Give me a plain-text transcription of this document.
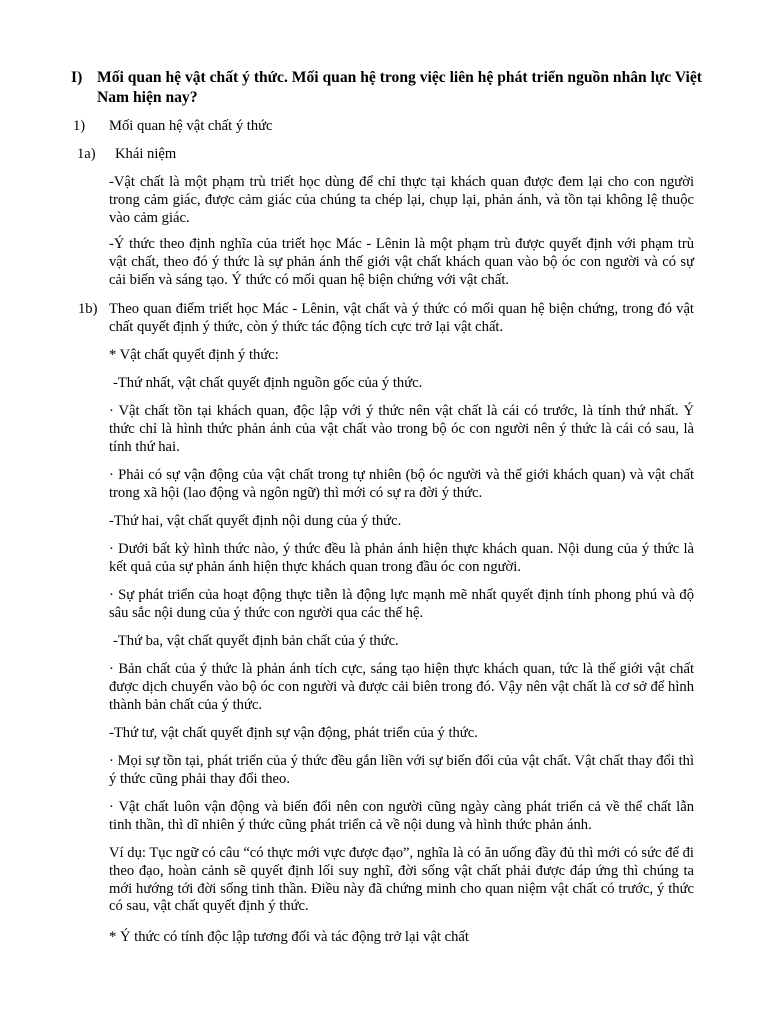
I) Mối quan hệ vật chất ý thức. Mối quan hệ trong việc liên hệ phát triển nguồn nhân lực Việt Nam hiện nay?
1) Mối quan hệ vật chất ý thức
1a) Khái niệm
-Vật chất là một phạm trù triết học dùng để chỉ thực tại khách quan được đem lại cho con người trong cảm giác, được cảm giác của chúng ta chép lại, chụp lại, phản ánh, và tồn tại không lệ thuộc vào cảm giác.
-Ý thức theo định nghĩa của triết học Mác - Lênin là một phạm trù được quyết định với phạm trù vật chất, theo đó ý thức là sự phản ánh thế giới vật chất khách quan vào bộ óc con người và có sự cải biến và sáng tạo. Ý thức có mối quan hệ biện chứng với vật chất.
1b) Theo quan điểm triết học Mác - Lênin, vật chất và ý thức có mối quan hệ biện chứng, trong đó vật chất quyết định ý thức, còn ý thức tác động tích cực trở lại vật chất.
* Vật chất quyết định ý thức:
-Thứ nhất, vật chất quyết định nguồn gốc của ý thức.
· Vật chất tồn tại khách quan, độc lập với ý thức nên vật chất là cái có trước, là tính thứ nhất. Ý thức chỉ là hình thức phản ánh của vật chất vào trong bộ óc con người nên ý thức là cái có sau, là tính thứ hai.
· Phải có sự vận động của vật chất trong tự nhiên (bộ óc người và thế giới khách quan) và vật chất trong xã hội (lao động và ngôn ngữ) thì mới có sự ra đời ý thức.
-Thứ hai, vật chất quyết định nội dung của ý thức.
· Dưới bất kỳ hình thức nào, ý thức đều là phản ánh hiện thực khách quan. Nội dung của ý thức là kết quả của sự phản ánh hiện thực khách quan trong đầu óc con người.
· Sự phát triển của hoạt động thực tiễn là động lực mạnh mẽ nhất quyết định tính phong phú và độ sâu sắc nội dung của ý thức con người qua các thế hệ.
-Thứ ba, vật chất quyết định bản chất của ý thức.
· Bản chất của ý thức là phản ánh tích cực, sáng tạo hiện thực khách quan, tức là thế giới vật chất được dịch chuyển vào bộ óc con người và được cải biên trong đó. Vậy nên vật chất là cơ sở để hình thành bản chất của ý thức.
-Thứ tư, vật chất quyết định sự vận động, phát triển của ý thức.
· Mọi sự tồn tại, phát triển của ý thức đều gắn liền với sự biến đổi của vật chất. Vật chất thay đổi thì ý thức cũng phải thay đổi theo.
· Vật chất luôn vận động và biến đổi nên con người cũng ngày càng phát triển cả về thể chất lẫn tinh thần, thì dĩ nhiên ý thức cũng phát triển cả về nội dung và hình thức phản ánh.
Ví dụ: Tục ngữ có câu “có thực mới vực được đạo”, nghĩa là có ăn uống đầy đủ thì mới có sức để đi theo đạo, hoàn cảnh sẽ quyết định lối suy nghĩ, đời sống vật chất phải được đáp ứng thì chúng ta mới hướng tới đời sống tinh thần. Điều này đã chứng minh cho quan niệm vật chất có trước, ý thức có sau, vật chất quyết định ý thức.
* Ý thức có tính độc lập tương đối và tác động trở lại vật chất
